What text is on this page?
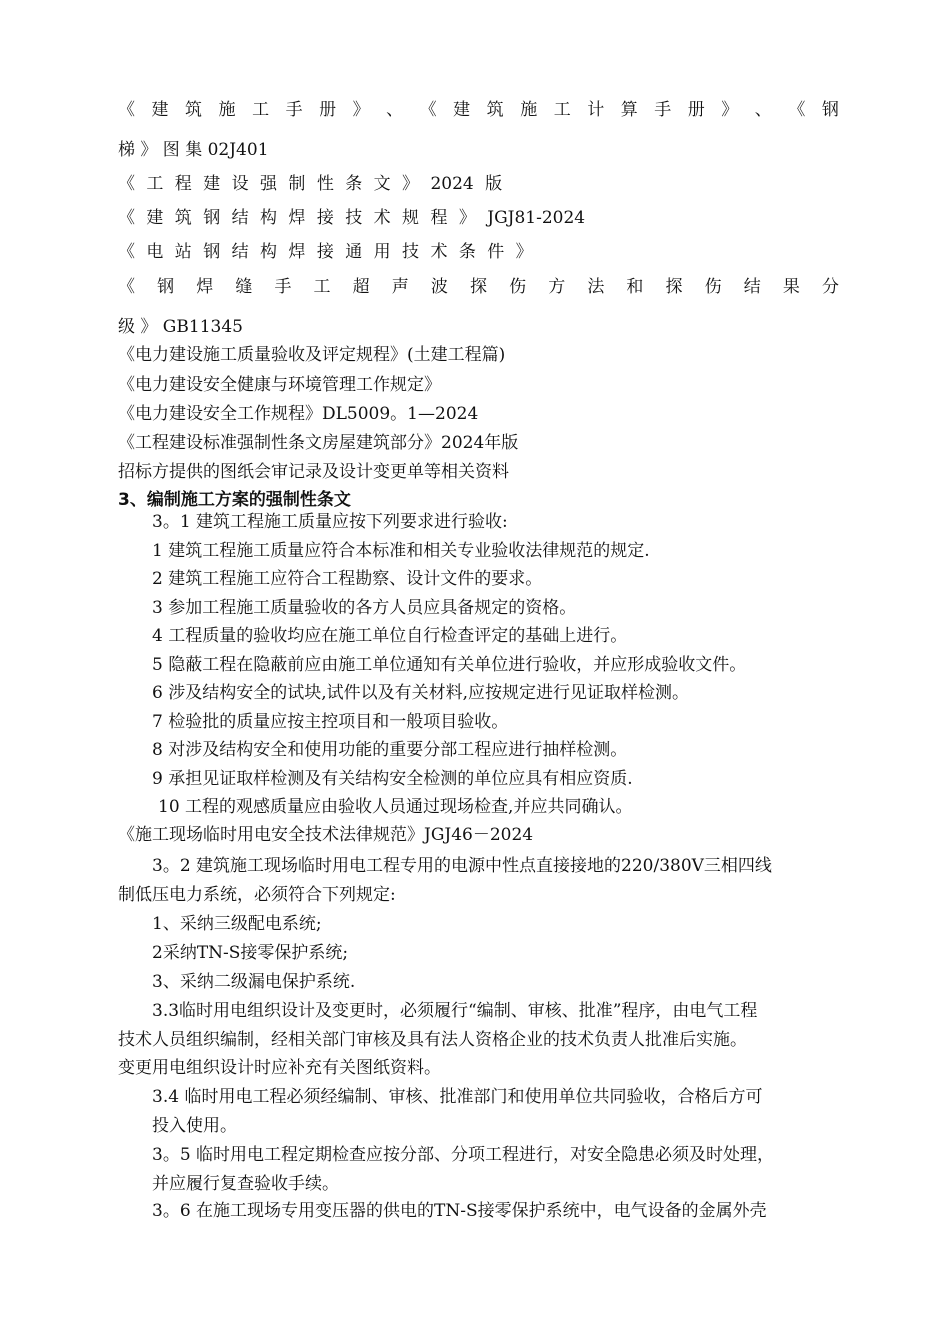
《 建 筑 施 工 手 册 》 、 《 建 筑 施 工 计 算 手 册 》 、 《 钢
梯 》 图 集 02J401
《 工 程 建 设 强 制 性 条 文 》 2024 版
《 建 筑 钢 结 构 焊 接 技 术 规 程 》 JGJ81-2024
《 电 站 钢 结 构 焊 接 通 用 技 术 条 件 》
《 钢 焊 缝 手 工 超 声 波 探 伤 方 法 和 探 伤 结 果 分
级 》 GB11345
《电力建设施工质量验收及评定规程》(土建工程篇)
《电力建设安全健康与环境管理工作规定》
《电力建设安全工作规程》DL5009。1—2024
《工程建设标准强制性条文房屋建筑部分》2024年版
招标方提供的图纸会审记录及设计变更单等相关资料
3、编制施工方案的强制性条文
3。1 建筑工程施工质量应按下列要求进行验收:
1 建筑工程施工质量应符合本标准和相关专业验收法律规范的规定.
2 建筑工程施工应符合工程勘察、设计文件的要求。
3 参加工程施工质量验收的各方人员应具备规定的资格。
4 工程质量的验收均应在施工单位自行检查评定的基础上进行。
5 隐蔽工程在隐蔽前应由施工单位通知有关单位进行验收，并应形成验收文件。
6 涉及结构安全的试块,试件以及有关材料,应按规定进行见证取样检测。
7 检验批的质量应按主控项目和一般项目验收。
8 对涉及结构安全和使用功能的重要分部工程应进行抽样检测。
9 承担见证取样检测及有关结构安全检测的单位应具有相应资质.
10 工程的观感质量应由验收人员通过现场检查,并应共同确认。
《施工现场临时用电安全技术法律规范》JGJ46－2024
3。2 建筑施工现场临时用电工程专用的电源中性点直接接地的220/380V三相四线
制低压电力系统，必须符合下列规定:
1、采纳三级配电系统;
2采纳TN-S接零保护系统;
3、采纳二级漏电保护系统.
3.3临时用电组织设计及变更时，必须履行“编制、审核、批准”程序，由电气工程
技术人员组织编制，经相关部门审核及具有法人资格企业的技术负责人批准后实施。
变更用电组织设计时应补充有关图纸资料。
3.4 临时用电工程必须经编制、审核、批准部门和使用单位共同验收，合格后方可
投入使用。
3。5 临时用电工程定期检查应按分部、分项工程进行，对安全隐患必须及时处理，
并应履行复查验收手续。
3。6 在施工现场专用变压器的供电的TN-S接零保护系统中，电气设备的金属外壳
